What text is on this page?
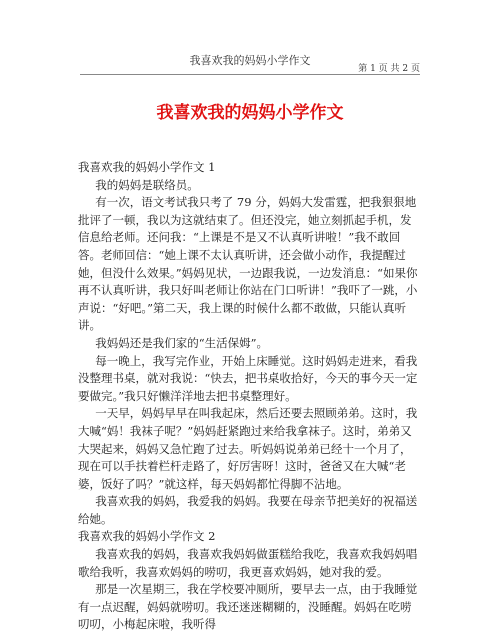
我喜欢我的妈妈小学作文
第 1 页 共 2 页
我喜欢我的妈妈小学作文

我喜欢我的妈妈小学作文 1

我的妈妈是联络员。

有一次，语文考试我只考了 79 分，妈妈大发雷霆，把我狠狠地批评了一顿，我以为这就结束了。但还没完，她立刻抓起手机，发信息给老师。还问我：“上课是不是又不认真听讲啦！”我不敢回答。老师回信：“她上课不太认真听讲，还会做小动作，我提醒过她，但没什么效果。”妈妈见状，一边跟我说，一边发消息：“如果你再不认真听讲，我只好叫老师让你站在门口听讲！”我吓了一跳，小声说：“好吧。”第二天，我上课的时候什么都不敢做，只能认真听讲。

我妈妈还是我们家的“生活保姆”。

每一晚上，我写完作业，开始上床睡觉。这时妈妈走进来，看我没整理书桌，就对我说：“快去，把书桌收拾好，今天的事今天一定要做完。”我只好懒洋洋地去把书桌整理好。

一天早，妈妈早早在叫我起床，然后还要去照顾弟弟。这时，我大喊“妈！我袜子呢？”妈妈赶紧跑过来给我拿袜子。这时，弟弟又大哭起来，妈妈又急忙跑了过去。听妈妈说弟弟已经十一个月了，现在可以手扶着栏杆走路了，好厉害呀！这时，爸爸又在大喊“老婆，饭好了吗？”就这样，每天妈妈都忙得脚不沾地。

我喜欢我的妈妈，我爱我的妈妈。我要在母亲节把美好的祝福送给她。

我喜欢我的妈妈小学作文 2

我喜欢我的妈妈，我喜欢我妈妈做蛋糕给我吃，我喜欢我妈妈唱歌给我听，我喜欢妈妈的唠叨，我更喜欢妈妈，她对我的爱。

那是一次星期三，我在学校要冲厕所，要早去一点，由于我睡觉有一点迟醒，妈妈就唠叨。我还迷迷糊糊的，没睡醒。妈妈在吃唠叨叨，小梅起床啦，我听得
